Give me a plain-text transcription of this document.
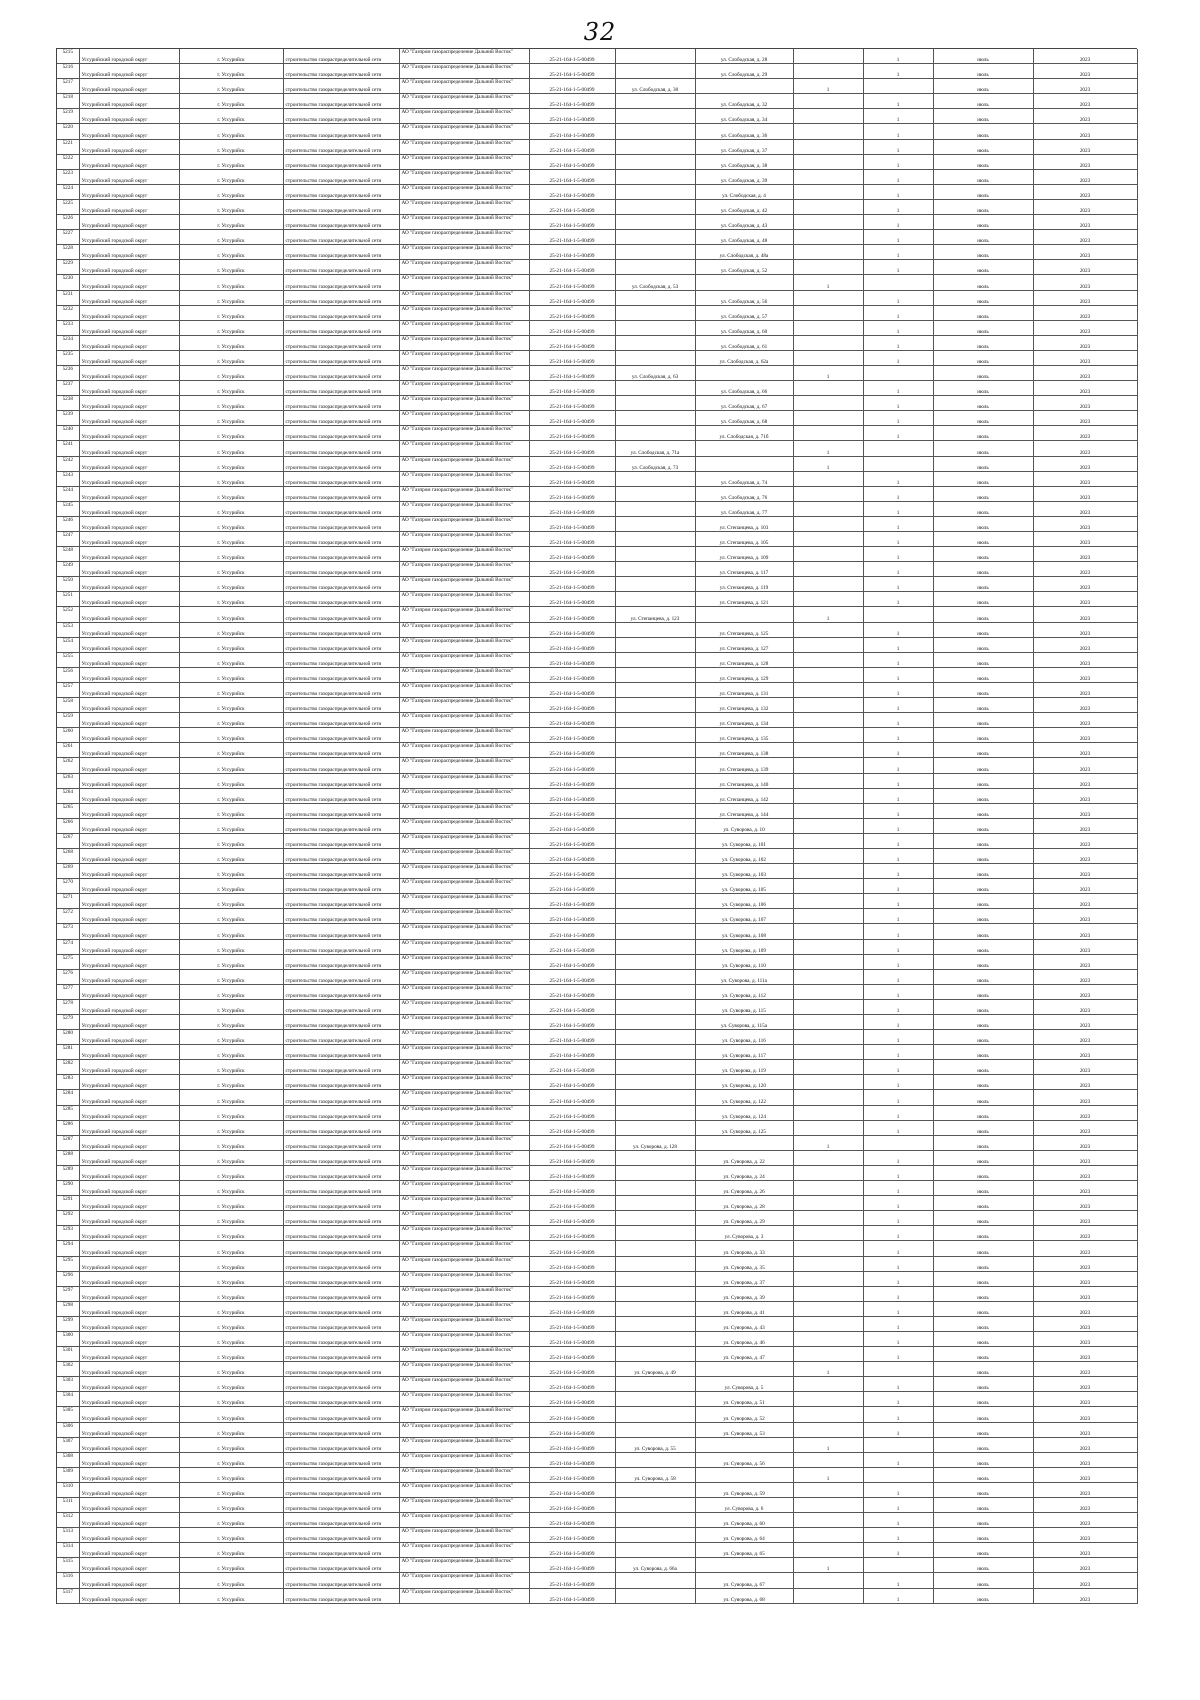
32
5215	Уссурийский городской округ	г. Уссурийск	строительство газораспределительной сети	АО "Газпром газораспределение Дальний Восток"	25-21-164-1-5-00499		ул. Слободская, д. 28		1	июль	2023
5216	Уссурийский городской округ	г. Уссурийск	строительство газораспределительной сети	АО "Газпром газораспределение Дальний Восток"	25-21-164-1-5-00499		ул. Слободская, д. 29		1	июль	2023
5217	Уссурийский городской округ	г. Уссурийск	строительство газораспределительной сети	АО "Газпром газораспределение Дальний Восток"	25-21-164-1-5-00499	ул. Слободская, д. 30		1		июль	2023
5218	Уссурийский городской округ	г. Уссурийск	строительство газораспределительной сети	АО "Газпром газораспределение Дальний Восток"	25-21-164-1-5-00499		ул. Слободская, д. 32		1	июль	2023
5219	Уссурийский городской округ	г. Уссурийск	строительство газораспределительной сети	АО "Газпром газораспределение Дальний Восток"	25-21-164-1-5-00499		ул. Слободская, д. 34		1	июль	2023
5220	Уссурийский городской округ	г. Уссурийск	строительство газораспределительной сети	АО "Газпром газораспределение Дальний Восток"	25-21-164-1-5-00499		ул. Слободская, д. 36		1	июль	2023
5221	Уссурийский городской округ	г. Уссурийск	строительство газораспределительной сети	АО "Газпром газораспределение Дальний Восток"	25-21-164-1-5-00499		ул. Слободская, д. 37		1	июль	2023
5222	Уссурийский городской округ	г. Уссурийск	строительство газораспределительной сети	АО "Газпром газораспределение Дальний Восток"	25-21-164-1-5-00499		ул. Слободская, д. 38		1	июль	2023
5223	Уссурийский городской округ	г. Уссурийск	строительство газораспределительной сети	АО "Газпром газораспределение Дальний Восток"	25-21-164-1-5-00499		ул. Слободская, д. 39		1	июль	2023
5224	Уссурийский городской округ	г. Уссурийск	строительство газораспределительной сети	АО "Газпром газораспределение Дальний Восток"	25-21-164-1-5-00499		ул. Слободская, д. 4		1	июль	2023
5225	Уссурийский городской округ	г. Уссурийск	строительство газораспределительной сети	АО "Газпром газораспределение Дальний Восток"	25-21-164-1-5-00499		ул. Слободская, д. 42		1	июль	2023
5226	Уссурийский городской округ	г. Уссурийск	строительство газораспределительной сети	АО "Газпром газораспределение Дальний Восток"	25-21-164-1-5-00499		ул. Слободская, д. 43		1	июль	2023
5227	Уссурийский городской округ	г. Уссурийск	строительство газораспределительной сети	АО "Газпром газораспределение Дальний Восток"	25-21-164-1-5-00499		ул. Слободская, д. 48		1	июль	2023
5228	Уссурийский городской округ	г. Уссурийск	строительство газораспределительной сети	АО "Газпром газораспределение Дальний Восток"	25-21-164-1-5-00499		ул. Слободская, д. 48а		1	июль	2023
5229	Уссурийский городской округ	г. Уссурийск	строительство газораспределительной сети	АО "Газпром газораспределение Дальний Восток"	25-21-164-1-5-00499		ул. Слободская, д. 52		1	июль	2023
5230	Уссурийский городской округ	г. Уссурийск	строительство газораспределительной сети	АО "Газпром газораспределение Дальний Восток"	25-21-164-1-5-00499	ул. Слободская, д. 53		1		июль	2023
5231	Уссурийский городской округ	г. Уссурийск	строительство газораспределительной сети	АО "Газпром газораспределение Дальний Восток"	25-21-164-1-5-00499		ул. Слободская, д. 56		1	июль	2023
5232	Уссурийский городской округ	г. Уссурийск	строительство газораспределительной сети	АО "Газпром газораспределение Дальний Восток"	25-21-164-1-5-00499		ул. Слободская, д. 57		1	июль	2023
5233	Уссурийский городской округ	г. Уссурийск	строительство газораспределительной сети	АО "Газпром газораспределение Дальний Восток"	25-21-164-1-5-00499		ул. Слободская, д. 60		1	июль	2023
5234	Уссурийский городской округ	г. Уссурийск	строительство газораспределительной сети	АО "Газпром газораспределение Дальний Восток"	25-21-164-1-5-00499		ул. Слободская, д. 61		1	июль	2023
5235	Уссурийский городской округ	г. Уссурийск	строительство газораспределительной сети	АО "Газпром газораспределение Дальний Восток"	25-21-164-1-5-00499		ул. Слободская, д. 62а		1	июль	2023
5236	Уссурийский городской округ	г. Уссурийск	строительство газораспределительной сети	АО "Газпром газораспределение Дальний Восток"	25-21-164-1-5-00499	ул. Слободская, д. 63		1		июль	2023
5237	Уссурийский городской округ	г. Уссурийск	строительство газораспределительной сети	АО "Газпром газораспределение Дальний Восток"	25-21-164-1-5-00499		ул. Слободская, д. 66		1	июль	2023
5238	Уссурийский городской округ	г. Уссурийск	строительство газораспределительной сети	АО "Газпром газораспределение Дальний Восток"	25-21-164-1-5-00499		ул. Слободская, д. 67		1	июль	2023
5239	Уссурийский городской округ	г. Уссурийск	строительство газораспределительной сети	АО "Газпром газораспределение Дальний Восток"	25-21-164-1-5-00499		ул. Слободская, д. 68		1	июль	2023
5240	Уссурийский городской округ	г. Уссурийск	строительство газораспределительной сети	АО "Газпром газораспределение Дальний Восток"	25-21-164-1-5-00499		ул. Слободская, д. 71б		1	июль	2023
5241	Уссурийский городской округ	г. Уссурийск	строительство газораспределительной сети	АО "Газпром газораспределение Дальний Восток"	25-21-164-1-5-00499	ул. Слободская, д. 71а		1		июль	2023
5242	Уссурийский городской округ	г. Уссурийск	строительство газораспределительной сети	АО "Газпром газораспределение Дальний Восток"	25-21-164-1-5-00499	ул. Слободская, д. 73		1		июль	2023
5243	Уссурийский городской округ	г. Уссурийск	строительство газораспределительной сети	АО "Газпром газораспределение Дальний Восток"	25-21-164-1-5-00499		ул. Слободская, д. 74		1	июль	2023
5244	Уссурийский городской округ	г. Уссурийск	строительство газораспределительной сети	АО "Газпром газораспределение Дальний Восток"	25-21-164-1-5-00499		ул. Слободская, д. 76		1	июль	2023
5245	Уссурийский городской округ	г. Уссурийск	строительство газораспределительной сети	АО "Газпром газораспределение Дальний Восток"	25-21-164-1-5-00499		ул. Слободская, д. 77		1	июль	2023
5246	Уссурийский городской округ	г. Уссурийск	строительство газораспределительной сети	АО "Газпром газораспределение Дальний Восток"	25-21-164-1-5-00499		ул. Степанцева, д. 103		1	июль	2023
5247	Уссурийский городской округ	г. Уссурийск	строительство газораспределительной сети	АО "Газпром газораспределение Дальний Восток"	25-21-164-1-5-00499		ул. Степанцева, д. 105		1	июль	2023
5248	Уссурийский городской округ	г. Уссурийск	строительство газораспределительной сети	АО "Газпром газораспределение Дальний Восток"	25-21-164-1-5-00499		ул. Степанцева, д. 109		1	июль	2023
5249	Уссурийский городской округ	г. Уссурийск	строительство газораспределительной сети	АО "Газпром газораспределение Дальний Восток"	25-21-164-1-5-00499		ул. Степанцева, д. 117		1	июль	2023
5250	Уссурийский городской округ	г. Уссурийск	строительство газораспределительной сети	АО "Газпром газораспределение Дальний Восток"	25-21-164-1-5-00499		ул. Степанцева, д. 119		1	июль	2023
5251	Уссурийский городской округ	г. Уссурийск	строительство газораспределительной сети	АО "Газпром газораспределение Дальний Восток"	25-21-164-1-5-00499		ул. Степанцева, д. 121		1	июль	2023
5252	Уссурийский городской округ	г. Уссурийск	строительство газораспределительной сети	АО "Газпром газораспределение Дальний Восток"	25-21-164-1-5-00499	ул. Степанцева, д. 123		1		июль	2023
5253	Уссурийский городской округ	г. Уссурийск	строительство газораспределительной сети	АО "Газпром газораспределение Дальний Восток"	25-21-164-1-5-00499		ул. Степанцева, д. 125		1	июль	2023
5254	Уссурийский городской округ	г. Уссурийск	строительство газораспределительной сети	АО "Газпром газораспределение Дальний Восток"	25-21-164-1-5-00499		ул. Степанцева, д. 127		1	июль	2023
5255	Уссурийский городской округ	г. Уссурийск	строительство газораспределительной сети	АО "Газпром газораспределение Дальний Восток"	25-21-164-1-5-00499		ул. Степанцева, д. 128		1	июль	2023
5256	Уссурийский городской округ	г. Уссурийск	строительство газораспределительной сети	АО "Газпром газораспределение Дальний Восток"	25-21-164-1-5-00499		ул. Степанцева, д. 129		1	июль	2023
5257	Уссурийский городской округ	г. Уссурийск	строительство газораспределительной сети	АО "Газпром газораспределение Дальний Восток"	25-21-164-1-5-00499		ул. Степанцева, д. 131		1	июль	2023
5258	Уссурийский городской округ	г. Уссурийск	строительство газораспределительной сети	АО "Газпром газораспределение Дальний Восток"	25-21-164-1-5-00499		ул. Степанцева, д. 132		1	июль	2023
5259	Уссурийский городской округ	г. Уссурийск	строительство газораспределительной сети	АО "Газпром газораспределение Дальний Восток"	25-21-164-1-5-00499		ул. Степанцева, д. 134		1	июль	2023
5260	Уссурийский городской округ	г. Уссурийск	строительство газораспределительной сети	АО "Газпром газораспределение Дальний Восток"	25-21-164-1-5-00499		ул. Степанцева, д. 135		1	июль	2023
5261	Уссурийский городской округ	г. Уссурийск	строительство газораспределительной сети	АО "Газпром газораспределение Дальний Восток"	25-21-164-1-5-00499		ул. Степанцева, д. 138		1	июль	2023
5262	Уссурийский городской округ	г. Уссурийск	строительство газораспределительной сети	АО "Газпром газораспределение Дальний Восток"	25-21-164-1-5-00499		ул. Степанцева, д. 139		1	июль	2023
5263	Уссурийский городской округ	г. Уссурийск	строительство газораспределительной сети	АО "Газпром газораспределение Дальний Восток"	25-21-164-1-5-00499		ул. Степанцева, д. 140		1	июль	2023
5264	Уссурийский городской округ	г. Уссурийск	строительство газораспределительной сети	АО "Газпром газораспределение Дальний Восток"	25-21-164-1-5-00499		ул. Степанцева, д. 142		1	июль	2023
5265	Уссурийский городской округ	г. Уссурийск	строительство газораспределительной сети	АО "Газпром газораспределение Дальний Восток"	25-21-164-1-5-00499		ул. Степанцева, д. 144		1	июль	2023
5266	Уссурийский городской округ	г. Уссурийск	строительство газораспределительной сети	АО "Газпром газораспределение Дальний Восток"	25-21-164-1-5-00499		ул. Суворова, д. 10		1	июль	2023
5267	Уссурийский городской округ	г. Уссурийск	строительство газораспределительной сети	АО "Газпром газораспределение Дальний Восток"	25-21-164-1-5-00499		ул. Суворова, д. 101		1	июль	2023
5268	Уссурийский городской округ	г. Уссурийск	строительство газораспределительной сети	АО "Газпром газораспределение Дальний Восток"	25-21-164-1-5-00499		ул. Суворова, д. 102		1	июль	2023
5269	Уссурийский городской округ	г. Уссурийск	строительство газораспределительной сети	АО "Газпром газораспределение Дальний Восток"	25-21-164-1-5-00499		ул. Суворова, д. 103		1	июль	2023
5270	Уссурийский городской округ	г. Уссурийск	строительство газораспределительной сети	АО "Газпром газораспределение Дальний Восток"	25-21-164-1-5-00499		ул. Суворова, д. 105		1	июль	2023
5271	Уссурийский городской округ	г. Уссурийск	строительство газораспределительной сети	АО "Газпром газораспределение Дальний Восток"	25-21-164-1-5-00499		ул. Суворова, д. 106		1	июль	2023
5272	Уссурийский городской округ	г. Уссурийск	строительство газораспределительной сети	АО "Газпром газораспределение Дальний Восток"	25-21-164-1-5-00499		ул. Суворова, д. 107		1	июль	2023
5273	Уссурийский городской округ	г. Уссурийск	строительство газораспределительной сети	АО "Газпром газораспределение Дальний Восток"	25-21-164-1-5-00499		ул. Суворова, д. 108		1	июль	2023
5274	Уссурийский городской округ	г. Уссурийск	строительство газораспределительной сети	АО "Газпром газораспределение Дальний Восток"	25-21-164-1-5-00499		ул. Суворова, д. 109		1	июль	2023
5275	Уссурийский городской округ	г. Уссурийск	строительство газораспределительной сети	АО "Газпром газораспределение Дальний Восток"	25-21-164-1-5-00499		ул. Суворова, д. 110		1	июль	2023
5276	Уссурийский городской округ	г. Уссурийск	строительство газораспределительной сети	АО "Газпром газораспределение Дальний Восток"	25-21-164-1-5-00499		ул. Суворова, д. 111а		1	июль	2023
5277	Уссурийский городской округ	г. Уссурийск	строительство газораспределительной сети	АО "Газпром газораспределение Дальний Восток"	25-21-164-1-5-00499		ул. Суворова, д. 112		1	июль	2023
5278	Уссурийский городской округ	г. Уссурийск	строительство газораспределительной сети	АО "Газпром газораспределение Дальний Восток"	25-21-164-1-5-00499		ул. Суворова, д. 115		1	июль	2023
5279	Уссурийский городской округ	г. Уссурийск	строительство газораспределительной сети	АО "Газпром газораспределение Дальний Восток"	25-21-164-1-5-00499		ул. Суворова, д. 115а		1	июль	2023
5280	Уссурийский городской округ	г. Уссурийск	строительство газораспределительной сети	АО "Газпром газораспределение Дальний Восток"	25-21-164-1-5-00499		ул. Суворова, д. 116		1	июль	2023
5281	Уссурийский городской округ	г. Уссурийск	строительство газораспределительной сети	АО "Газпром газораспределение Дальний Восток"	25-21-164-1-5-00499		ул. Суворова, д. 117		1	июль	2023
5282	Уссурийский городской округ	г. Уссурийск	строительство газораспределительной сети	АО "Газпром газораспределение Дальний Восток"	25-21-164-1-5-00499		ул. Суворова, д. 119		1	июль	2023
5283	Уссурийский городской округ	г. Уссурийск	строительство газораспределительной сети	АО "Газпром газораспределение Дальний Восток"	25-21-164-1-5-00499		ул. Суворова, д. 120		1	июль	2023
5284	Уссурийский городской округ	г. Уссурийск	строительство газораспределительной сети	АО "Газпром газораспределение Дальний Восток"	25-21-164-1-5-00499		ул. Суворова, д. 122		1	июль	2023
5285	Уссурийский городской округ	г. Уссурийск	строительство газораспределительной сети	АО "Газпром газораспределение Дальний Восток"	25-21-164-1-5-00499		ул. Суворова, д. 124		1	июль	2023
5286	Уссурийский городской округ	г. Уссурийск	строительство газораспределительной сети	АО "Газпром газораспределение Дальний Восток"	25-21-164-1-5-00499		ул. Суворова, д. 125		1	июль	2023
5287	Уссурийский городской округ	г. Уссурийск	строительство газораспределительной сети	АО "Газпром газораспределение Дальний Восток"	25-21-164-1-5-00499	ул. Суворова, д. 128		1		июль	2023
5288	Уссурийский городской округ	г. Уссурийск	строительство газораспределительной сети	АО "Газпром газораспределение Дальний Восток"	25-21-164-1-5-00499		ул. Суворова, д. 22		1	июль	2023
5289	Уссурийский городской округ	г. Уссурийск	строительство газораспределительной сети	АО "Газпром газораспределение Дальний Восток"	25-21-164-1-5-00499		ул. Суворова, д. 24		1	июль	2023
5290	Уссурийский городской округ	г. Уссурийск	строительство газораспределительной сети	АО "Газпром газораспределение Дальний Восток"	25-21-164-1-5-00499		ул. Суворова, д. 26		1	июль	2023
5291	Уссурийский городской округ	г. Уссурийск	строительство газораспределительной сети	АО "Газпром газораспределение Дальний Восток"	25-21-164-1-5-00499		ул. Суворова, д. 28		1	июль	2023
5292	Уссурийский городской округ	г. Уссурийск	строительство газораспределительной сети	АО "Газпром газораспределение Дальний Восток"	25-21-164-1-5-00499		ул. Суворова, д. 29		1	июль	2023
5293	Уссурийский городской округ	г. Уссурийск	строительство газораспределительной сети	АО "Газпром газораспределение Дальний Восток"	25-21-164-1-5-00499		ул. Суворова, д. 3		1	июль	2023
5294	Уссурийский городской округ	г. Уссурийск	строительство газораспределительной сети	АО "Газпром газораспределение Дальний Восток"	25-21-164-1-5-00499		ул. Суворова, д. 33		1	июль	2023
5295	Уссурийский городской округ	г. Уссурийск	строительство газораспределительной сети	АО "Газпром газораспределение Дальний Восток"	25-21-164-1-5-00499		ул. Суворова, д. 35		1	июль	2023
5296	Уссурийский городской округ	г. Уссурийск	строительство газораспределительной сети	АО "Газпром газораспределение Дальний Восток"	25-21-164-1-5-00499		ул. Суворова, д. 37		1	июль	2023
5297	Уссурийский городской округ	г. Уссурийск	строительство газораспределительной сети	АО "Газпром газораспределение Дальний Восток"	25-21-164-1-5-00499		ул. Суворова, д. 39		1	июль	2023
5298	Уссурийский городской округ	г. Уссурийск	строительство газораспределительной сети	АО "Газпром газораспределение Дальний Восток"	25-21-164-1-5-00499		ул. Суворова, д. 41		1	июль	2023
5299	Уссурийский городской округ	г. Уссурийск	строительство газораспределительной сети	АО "Газпром газораспределение Дальний Восток"	25-21-164-1-5-00499		ул. Суворова, д. 43		1	июль	2023
5300	Уссурийский городской округ	г. Уссурийск	строительство газораспределительной сети	АО "Газпром газораспределение Дальний Восток"	25-21-164-1-5-00499		ул. Суворова, д. 46		1	июль	2023
5301	Уссурийский городской округ	г. Уссурийск	строительство газораспределительной сети	АО "Газпром газораспределение Дальний Восток"	25-21-164-1-5-00499		ул. Суворова, д. 47		1	июль	2023
5302	Уссурийский городской округ	г. Уссурийск	строительство газораспределительной сети	АО "Газпром газораспределение Дальний Восток"	25-21-164-1-5-00499	ул. Суворова, д. 49		1		июль	2023
5303	Уссурийский городской округ	г. Уссурийск	строительство газораспределительной сети	АО "Газпром газораспределение Дальний Восток"	25-21-164-1-5-00499		ул. Суворова, д. 5		1	июль	2023
5304	Уссурийский городской округ	г. Уссурийск	строительство газораспределительной сети	АО "Газпром газораспределение Дальний Восток"	25-21-164-1-5-00499		ул. Суворова, д. 51		1	июль	2023
5305	Уссурийский городской округ	г. Уссурийск	строительство газораспределительной сети	АО "Газпром газораспределение Дальний Восток"	25-21-164-1-5-00499		ул. Суворова, д. 52		1	июль	2023
5306	Уссурийский городской округ	г. Уссурийск	строительство газораспределительной сети	АО "Газпром газораспределение Дальний Восток"	25-21-164-1-5-00499		ул. Суворова, д. 53		1	июль	2023
5307	Уссурийский городской округ	г. Уссурийск	строительство газораспределительной сети	АО "Газпром газораспределение Дальний Восток"	25-21-164-1-5-00499	ул. Суворова, д. 55		1		июль	2023
5308	Уссурийский городской округ	г. Уссурийск	строительство газораспределительной сети	АО "Газпром газораспределение Дальний Восток"	25-21-164-1-5-00499		ул. Суворова, д. 56		1	июль	2023
5309	Уссурийский городской округ	г. Уссурийск	строительство газораспределительной сети	АО "Газпром газораспределение Дальний Восток"	25-21-164-1-5-00499	ул. Суворова, д. 58		1		июль	2023
5310	Уссурийский городской округ	г. Уссурийск	строительство газораспределительной сети	АО "Газпром газораспределение Дальний Восток"	25-21-164-1-5-00499		ул. Суворова, д. 59		1	июль	2023
5311	Уссурийский городской округ	г. Уссурийск	строительство газораспределительной сети	АО "Газпром газораспределение Дальний Восток"	25-21-164-1-5-00499		ул. Суворова, д. 6		1	июль	2023
5312	Уссурийский городской округ	г. Уссурийск	строительство газораспределительной сети	АО "Газпром газораспределение Дальний Восток"	25-21-164-1-5-00499		ул. Суворова, д. 60		1	июль	2023
5313	Уссурийский городской округ	г. Уссурийск	строительство газораспределительной сети	АО "Газпром газораспределение Дальний Восток"	25-21-164-1-5-00499		ул. Суворова, д. 64		1	июль	2023
5314	Уссурийский городской округ	г. Уссурийск	строительство газораспределительной сети	АО "Газпром газораспределение Дальний Восток"	25-21-164-1-5-00499		ул. Суворова, д. 65		1	июль	2023
5315	Уссурийский городской округ	г. Уссурийск	строительство газораспределительной сети	АО "Газпром газораспределение Дальний Восток"	25-21-164-1-5-00499	ул. Суворова, д. 66а		1		июль	2023
5316	Уссурийский городской округ	г. Уссурийск	строительство газораспределительной сети	АО "Газпром газораспределение Дальний Восток"	25-21-164-1-5-00499		ул. Суворова, д. 67		1	июль	2023
5317	Уссурийский городской округ	г. Уссурийск	строительство газораспределительной сети	АО "Газпром газораспределение Дальний Восток"	25-21-164-1-5-00499		ул. Суворова, д. 68		1	июль	2023
